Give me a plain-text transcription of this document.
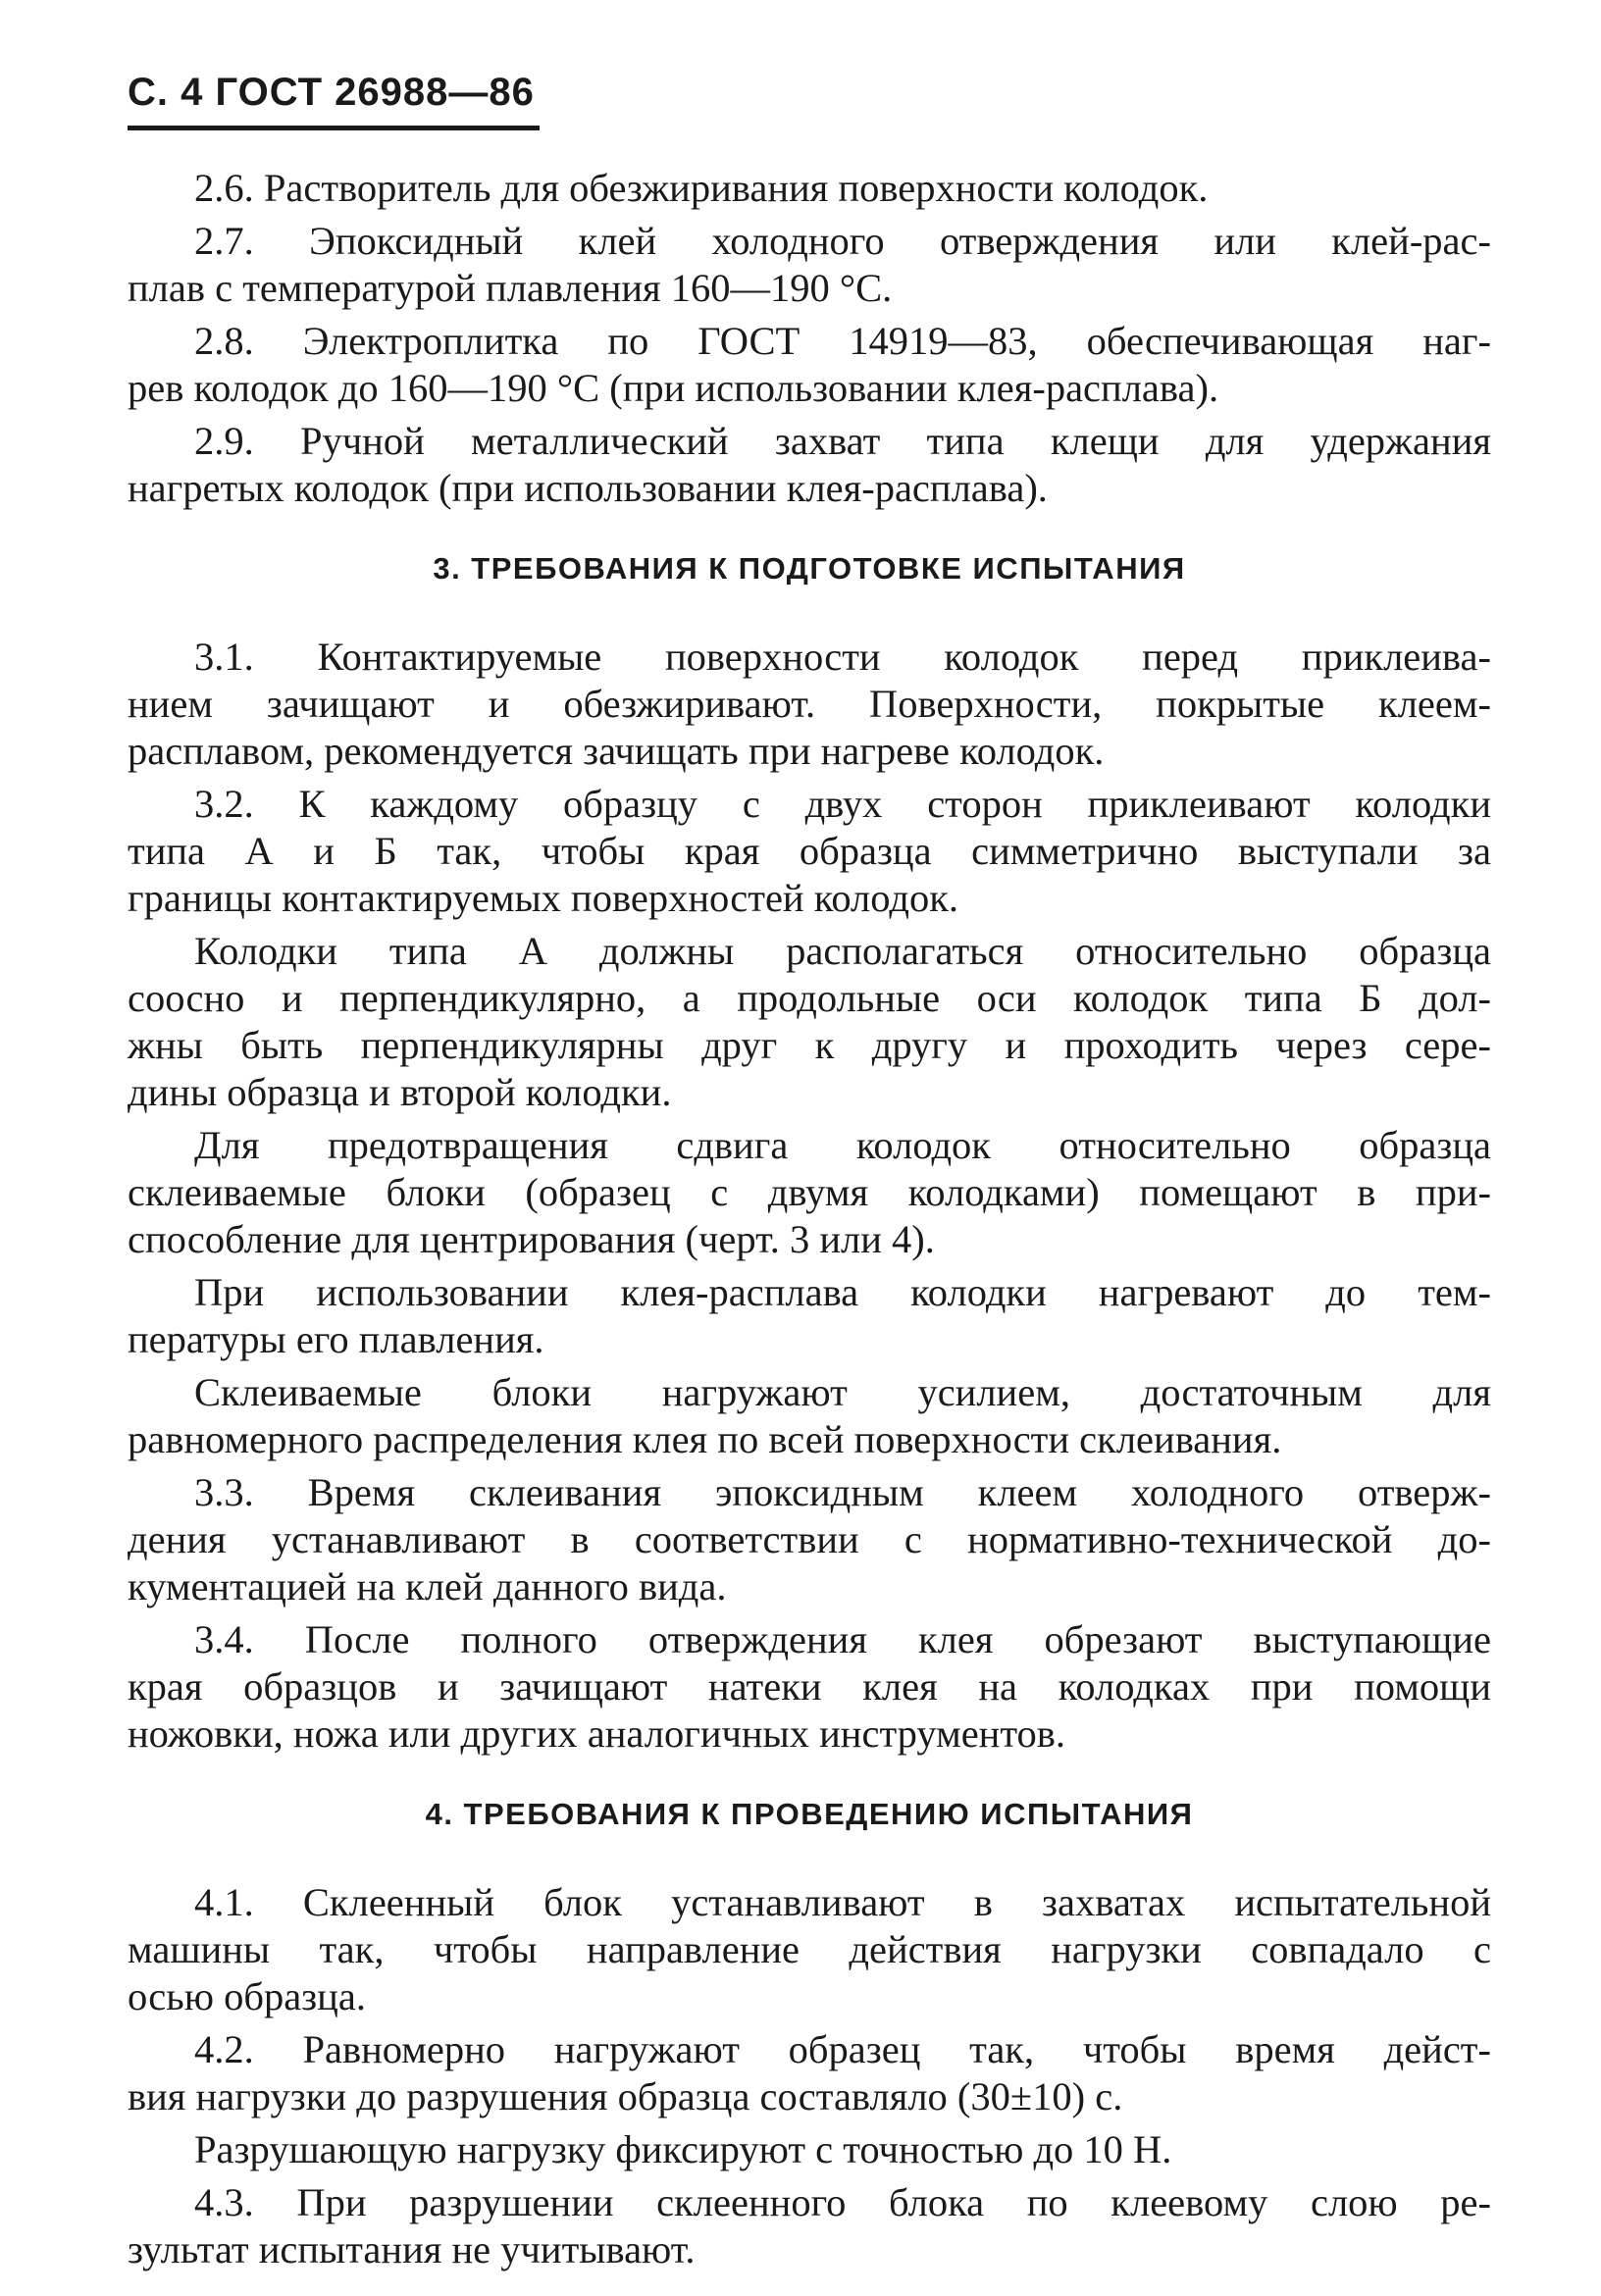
С. 4 ГОСТ 26988—86
2.6. Растворитель для обезжиривания поверхности колодок.
2.7. Эпоксидный клей холодного отверждения или клей-рас-
плав с температурой плавления 160—190 °С.
2.8. Электроплитка по ГОСТ 14919—83, обеспечивающая наг-
рев колодок до 160—190 °С (при использовании клея-расплава).
2.9. Ручной металлический захват типа клещи для удержания
нагретых колодок (при использовании клея-расплава).
3. ТРЕБОВАНИЯ К ПОДГОТОВКЕ ИСПЫТАНИЯ
3.1. Контактируемые поверхности колодок перед приклеива-
нием зачищают и обезжиривают. Поверхности, покрытые клеем-
расплавом, рекомендуется зачищать при нагреве колодок.
3.2. К каждому образцу с двух сторон приклеивают колодки
типа А и Б так, чтобы края образца симметрично выступали за
границы контактируемых поверхностей колодок.
Колодки типа А должны располагаться относительно образца
соосно и перпендикулярно, а продольные оси колодок типа Б дол-
жны быть перпендикулярны друг к другу и проходить через сере-
дины образца и второй колодки.
Для предотвращения сдвига колодок относительно образца
склеиваемые блоки (образец с двумя колодками) помещают в при-
способление для центрирования (черт. 3 или 4).
При использовании клея-расплава колодки нагревают до тем-
пературы его плавления.
Склеиваемые блоки нагружают усилием, достаточным для
равномерного распределения клея по всей поверхности склеивания.
3.3. Время склеивания эпоксидным клеем холодного отверж-
дения устанавливают в соответствии с нормативно-технической до-
кументацией на клей данного вида.
3.4. После полного отверждения клея обрезают выступающие
края образцов и зачищают натеки клея на колодках при помощи
ножовки, ножа или других аналогичных инструментов.
4. ТРЕБОВАНИЯ К ПРОВЕДЕНИЮ ИСПЫТАНИЯ
4.1. Склеенный блок устанавливают в захватах испытательной
машины так, чтобы направление действия нагрузки совпадало с
осью образца.
4.2. Равномерно нагружают образец так, чтобы время дейст-
вия нагрузки до разрушения образца составляло (30±10) с.
Разрушающую нагрузку фиксируют с точностью до 10 Н.
4.3. При разрушении склеенного блока по клеевому слою ре-
зультат испытания не учитывают.
